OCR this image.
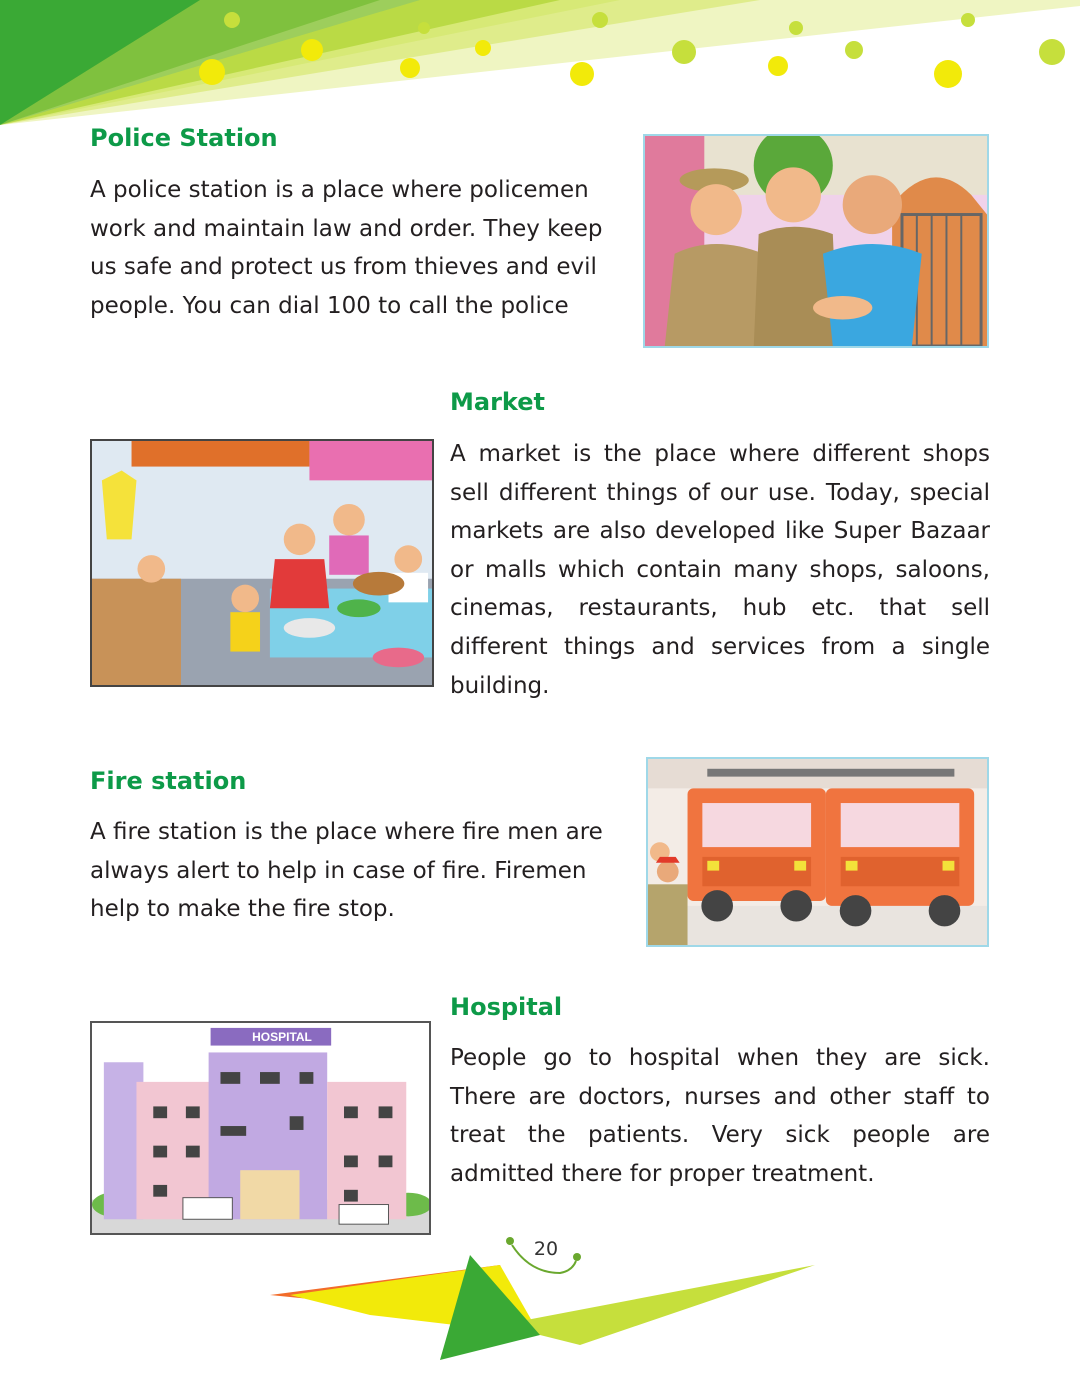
Police Station

A police station is a place where policemen work and maintain law and order. They keep us safe and protect us from thieves and evil people. You can dial 100 to call the police

Market

A market is the place where different shops sell different things of our use. Today, special markets are also developed like Super Bazaar or malls which contain many shops, saloons, cinemas, restaurants, hub etc. that sell different things and services from a single building.

Fire station

A fire station is the place where fire men are always alert to help in case of fire. Firemen help to make the fire stop.

Hospital

People go to hospital when they are sick. There are doctors, nurses and other staff to treat the patients. Very sick people are admitted there for proper treatment.

HOSPITAL
20
